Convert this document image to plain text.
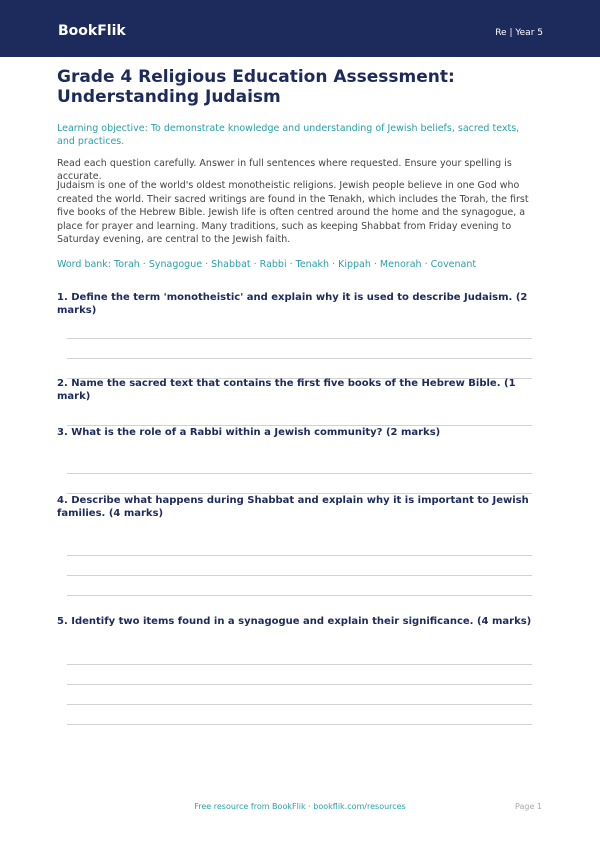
BookFlik	Re | Year 5
Grade 4 Religious Education Assessment: Understanding Judaism
Learning objective: To demonstrate knowledge and understanding of Jewish beliefs, sacred texts, and practices.
Read each question carefully. Answer in full sentences where requested. Ensure your spelling is accurate.
Judaism is one of the world's oldest monotheistic religions. Jewish people believe in one God who created the world. Their sacred writings are found in the Tenakh, which includes the Torah, the first five books of the Hebrew Bible. Jewish life is often centred around the home and the synagogue, a place for prayer and learning. Many traditions, such as keeping Shabbat from Friday evening to Saturday evening, are central to the Jewish faith.
Word bank: Torah · Synagogue · Shabbat · Rabbi · Tenakh · Kippah · Menorah · Covenant
1. Define the term 'monotheistic' and explain why it is used to describe Judaism. (2 marks)
2. Name the sacred text that contains the first five books of the Hebrew Bible. (1 mark)
3. What is the role of a Rabbi within a Jewish community? (2 marks)
4. Describe what happens during Shabbat and explain why it is important to Jewish families. (4 marks)
5. Identify two items found in a synagogue and explain their significance. (4 marks)
Free resource from BookFlik · bookflik.com/resources	Page 1
